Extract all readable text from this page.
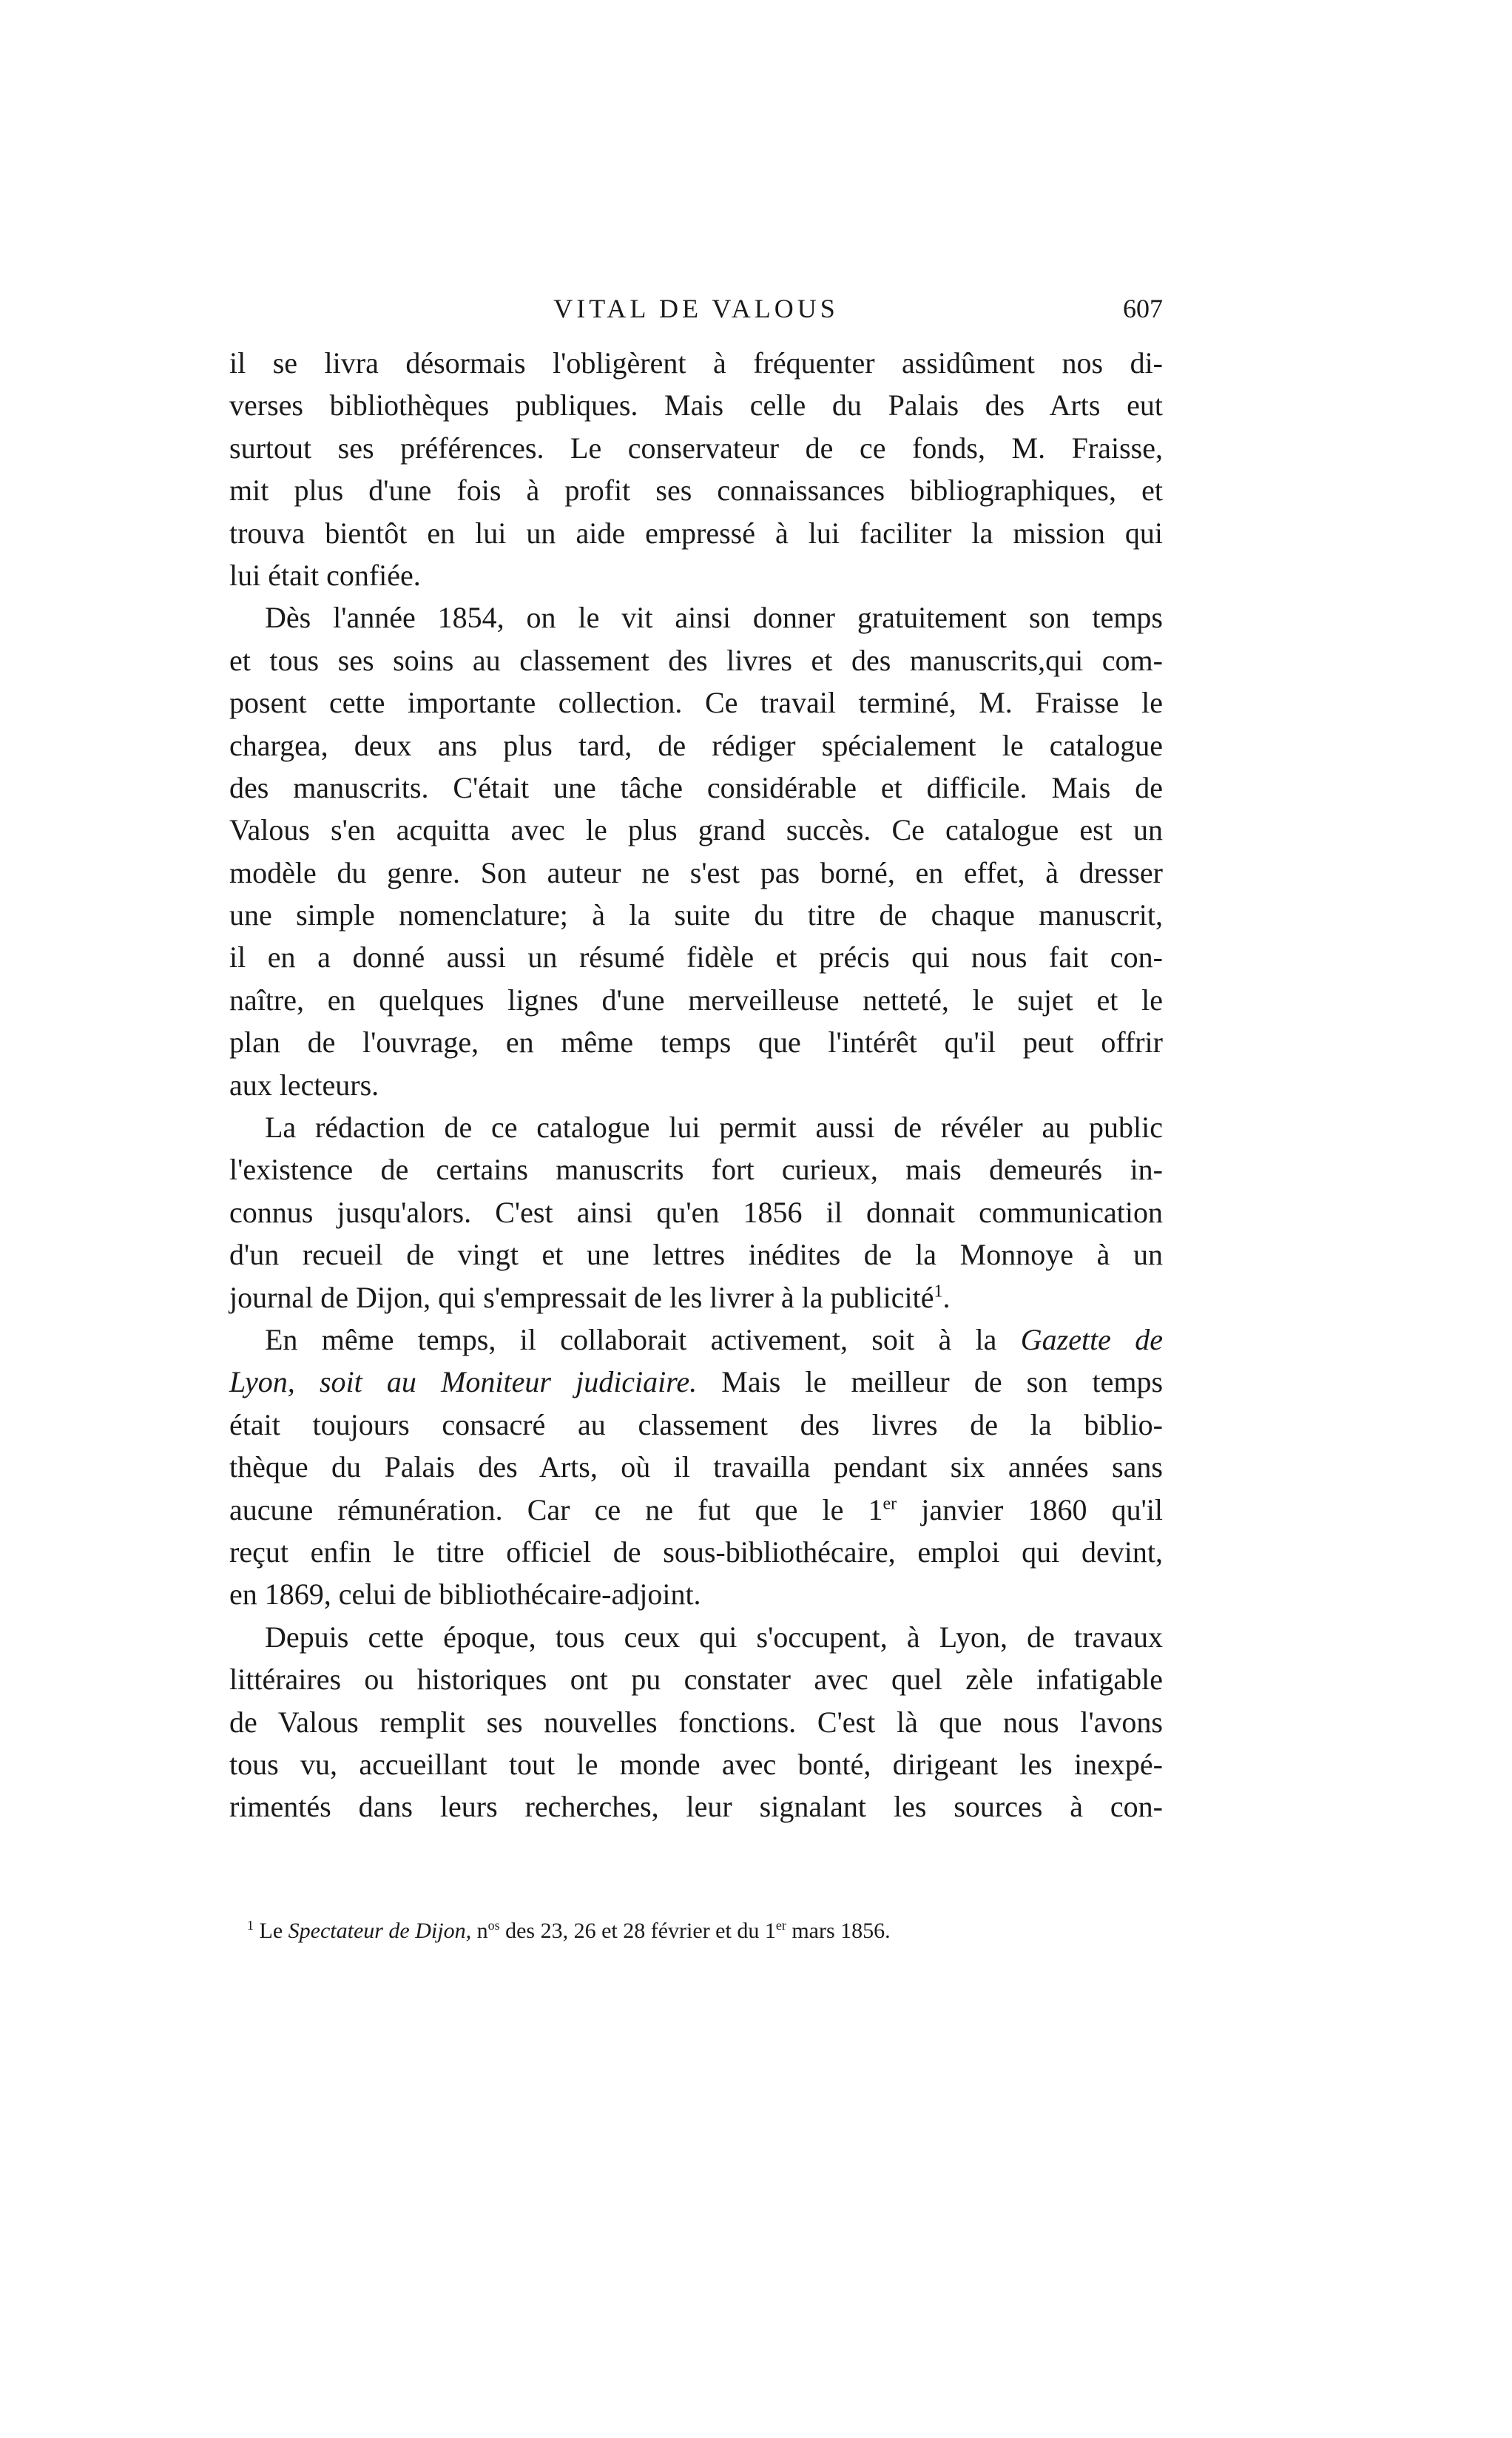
VITAL DE VALOUS	607
il se livra désormais l'obligèrent à fréquenter assidûment nos di-
verses bibliothèques publiques. Mais celle du Palais des Arts eut
surtout ses préférences. Le conservateur de ce fonds, M. Fraisse,
mit plus d'une fois à profit ses connaissances bibliographiques, et
trouva bientôt en lui un aide empressé à lui faciliter la mission qui
lui était confiée.
Dès l'année 1854, on le vit ainsi donner gratuitement son temps
et tous ses soins au classement des livres et des manuscrits,qui com-
posent cette importante collection. Ce travail terminé, M. Fraisse le
chargea, deux ans plus tard, de rédiger spécialement le catalogue
des manuscrits. C'était une tâche considérable et difficile. Mais de
Valous s'en acquitta avec le plus grand succès. Ce catalogue est un
modèle du genre. Son auteur ne s'est pas borné, en effet, à dresser
une simple nomenclature; à la suite du titre de chaque manuscrit,
il en a donné aussi un résumé fidèle et précis qui nous fait con-
naître, en quelques lignes d'une merveilleuse netteté, le sujet et le
plan de l'ouvrage, en même temps que l'intérêt qu'il peut offrir
aux lecteurs.
La rédaction de ce catalogue lui permit aussi de révéler au public
l'existence de certains manuscrits fort curieux, mais demeurés in-
connus jusqu'alors. C'est ainsi qu'en 1856 il donnait communication
d'un recueil de vingt et une lettres inédites de la Monnoye à un
journal de Dijon, qui s'empressait de les livrer à la publicité$^1$.
En même temps, il collaborait activement, soit à la Gazette de
Lyon, soit au Moniteur judiciaire. Mais le meilleur de son temps
était toujours consacré au classement des livres de la biblio-
thèque du Palais des Arts, où il travailla pendant six années sans
aucune rémunération. Car ce ne fut que le 1er janvier 1860 qu'il
reçut enfin le titre officiel de sous-bibliothécaire, emploi qui devint,
en 1869, celui de bibliothécaire-adjoint.
Depuis cette époque, tous ceux qui s'occupent, à Lyon, de travaux
littéraires ou historiques ont pu constater avec quel zèle infatigable
de Valous remplit ses nouvelles fonctions. C'est là que nous l'avons
tous vu, accueillant tout le monde avec bonté, dirigeant les inexpé-
rimentés dans leurs recherches, leur signalant les sources à con-
$^1$ Le Spectateur de Dijon, $n^{os}$ des 23, 26 et 28 février et du 1er mars 1856.
